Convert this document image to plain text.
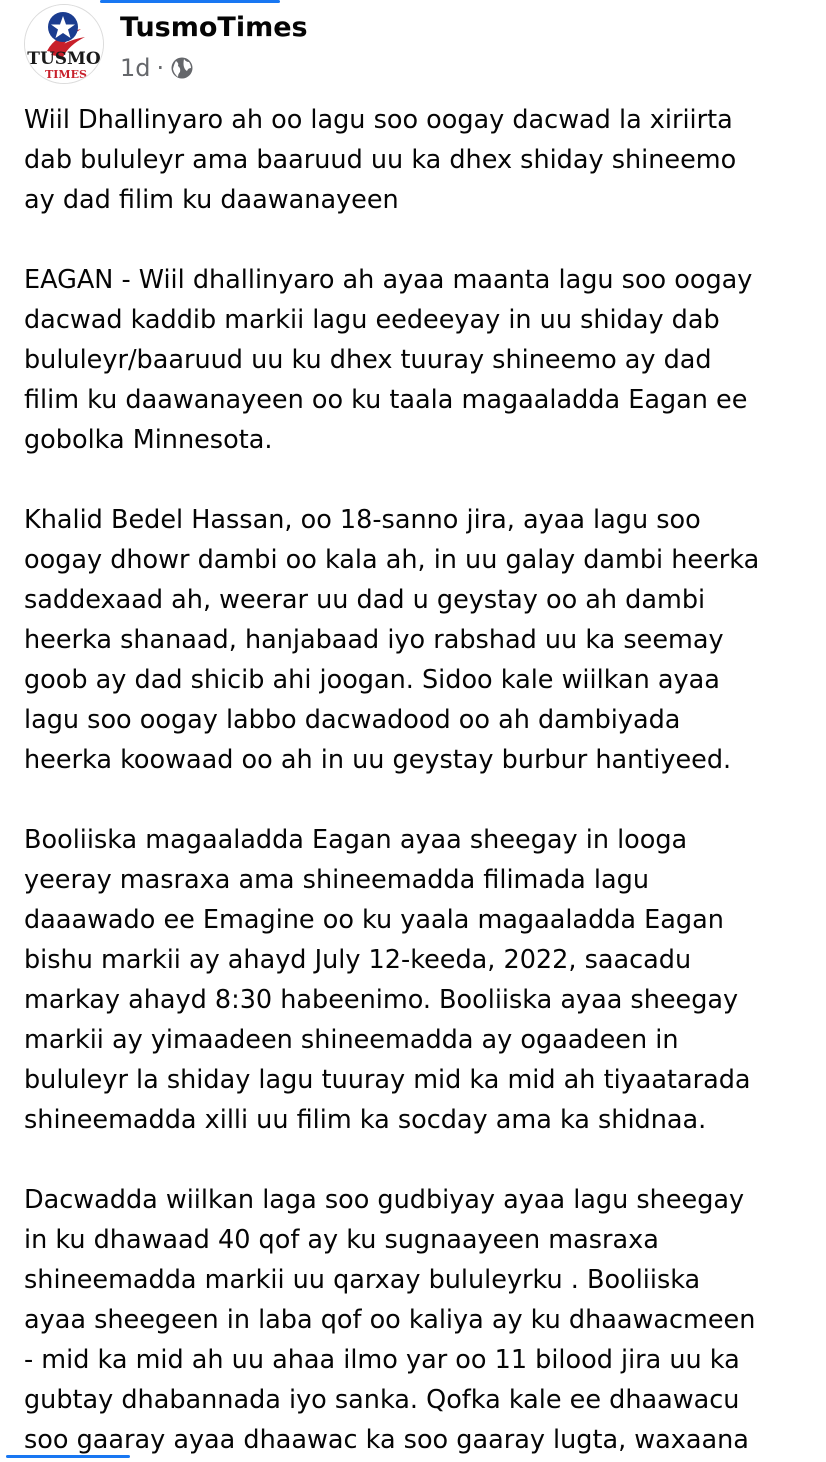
TUSMO
TIMES
TusmoTimes
1d ·

Wiil Dhallinyaro ah oo lagu soo oogay dacwad la xiriirta
dab bululeyr ama baaruud uu ka dhex shiday shineemo
ay dad filim ku daawanayeen

EAGAN - Wiil dhallinyaro ah ayaa maanta lagu soo oogay
dacwad kaddib markii lagu eedeeyay in uu shiday dab
bululeyr/baaruud uu ku dhex tuuray shineemo ay dad
filim ku daawanayeen oo ku taala magaaladda Eagan ee
gobolka Minnesota.

Khalid Bedel Hassan, oo 18-sanno jira, ayaa lagu soo
oogay dhowr dambi oo kala ah, in uu galay dambi heerka
saddexaad ah, weerar uu dad u geystay oo ah dambi
heerka shanaad, hanjabaad iyo rabshad uu ka seemay
goob ay dad shicib ahi joogan. Sidoo kale wiilkan ayaa
lagu soo oogay labbo dacwadood oo ah dambiyada
heerka koowaad oo ah in uu geystay burbur hantiyeed.

Booliiska magaaladda Eagan ayaa sheegay in looga
yeeray masraxa ama shineemadda filimada lagu
daaawado ee Emagine oo ku yaala magaaladda Eagan
bishu markii ay ahayd July 12-keeda, 2022, saacadu
markay ahayd 8:30 habeenimo. Booliiska ayaa sheegay
markii ay yimaadeen shineemadda ay ogaadeen in
bululeyr la shiday lagu tuuray mid ka mid ah tiyaatarada
shineemadda xilli uu filim ka socday ama ka shidnaa.

Dacwadda wiilkan laga soo gudbiyay ayaa lagu sheegay
in ku dhawaad 40 qof ay ku sugnaayeen masraxa
shineemadda markii uu qarxay bululeyrku . Booliiska
ayaa sheegeen in laba qof oo kaliya ay ku dhaawacmeen
- mid ka mid ah uu ahaa ilmo yar oo 11 bilood jira uu ka
gubtay dhabannada iyo sanka. Qofka kale ee dhaawacu
soo gaaray ayaa dhaawac ka soo gaaray lugta, waxaana
